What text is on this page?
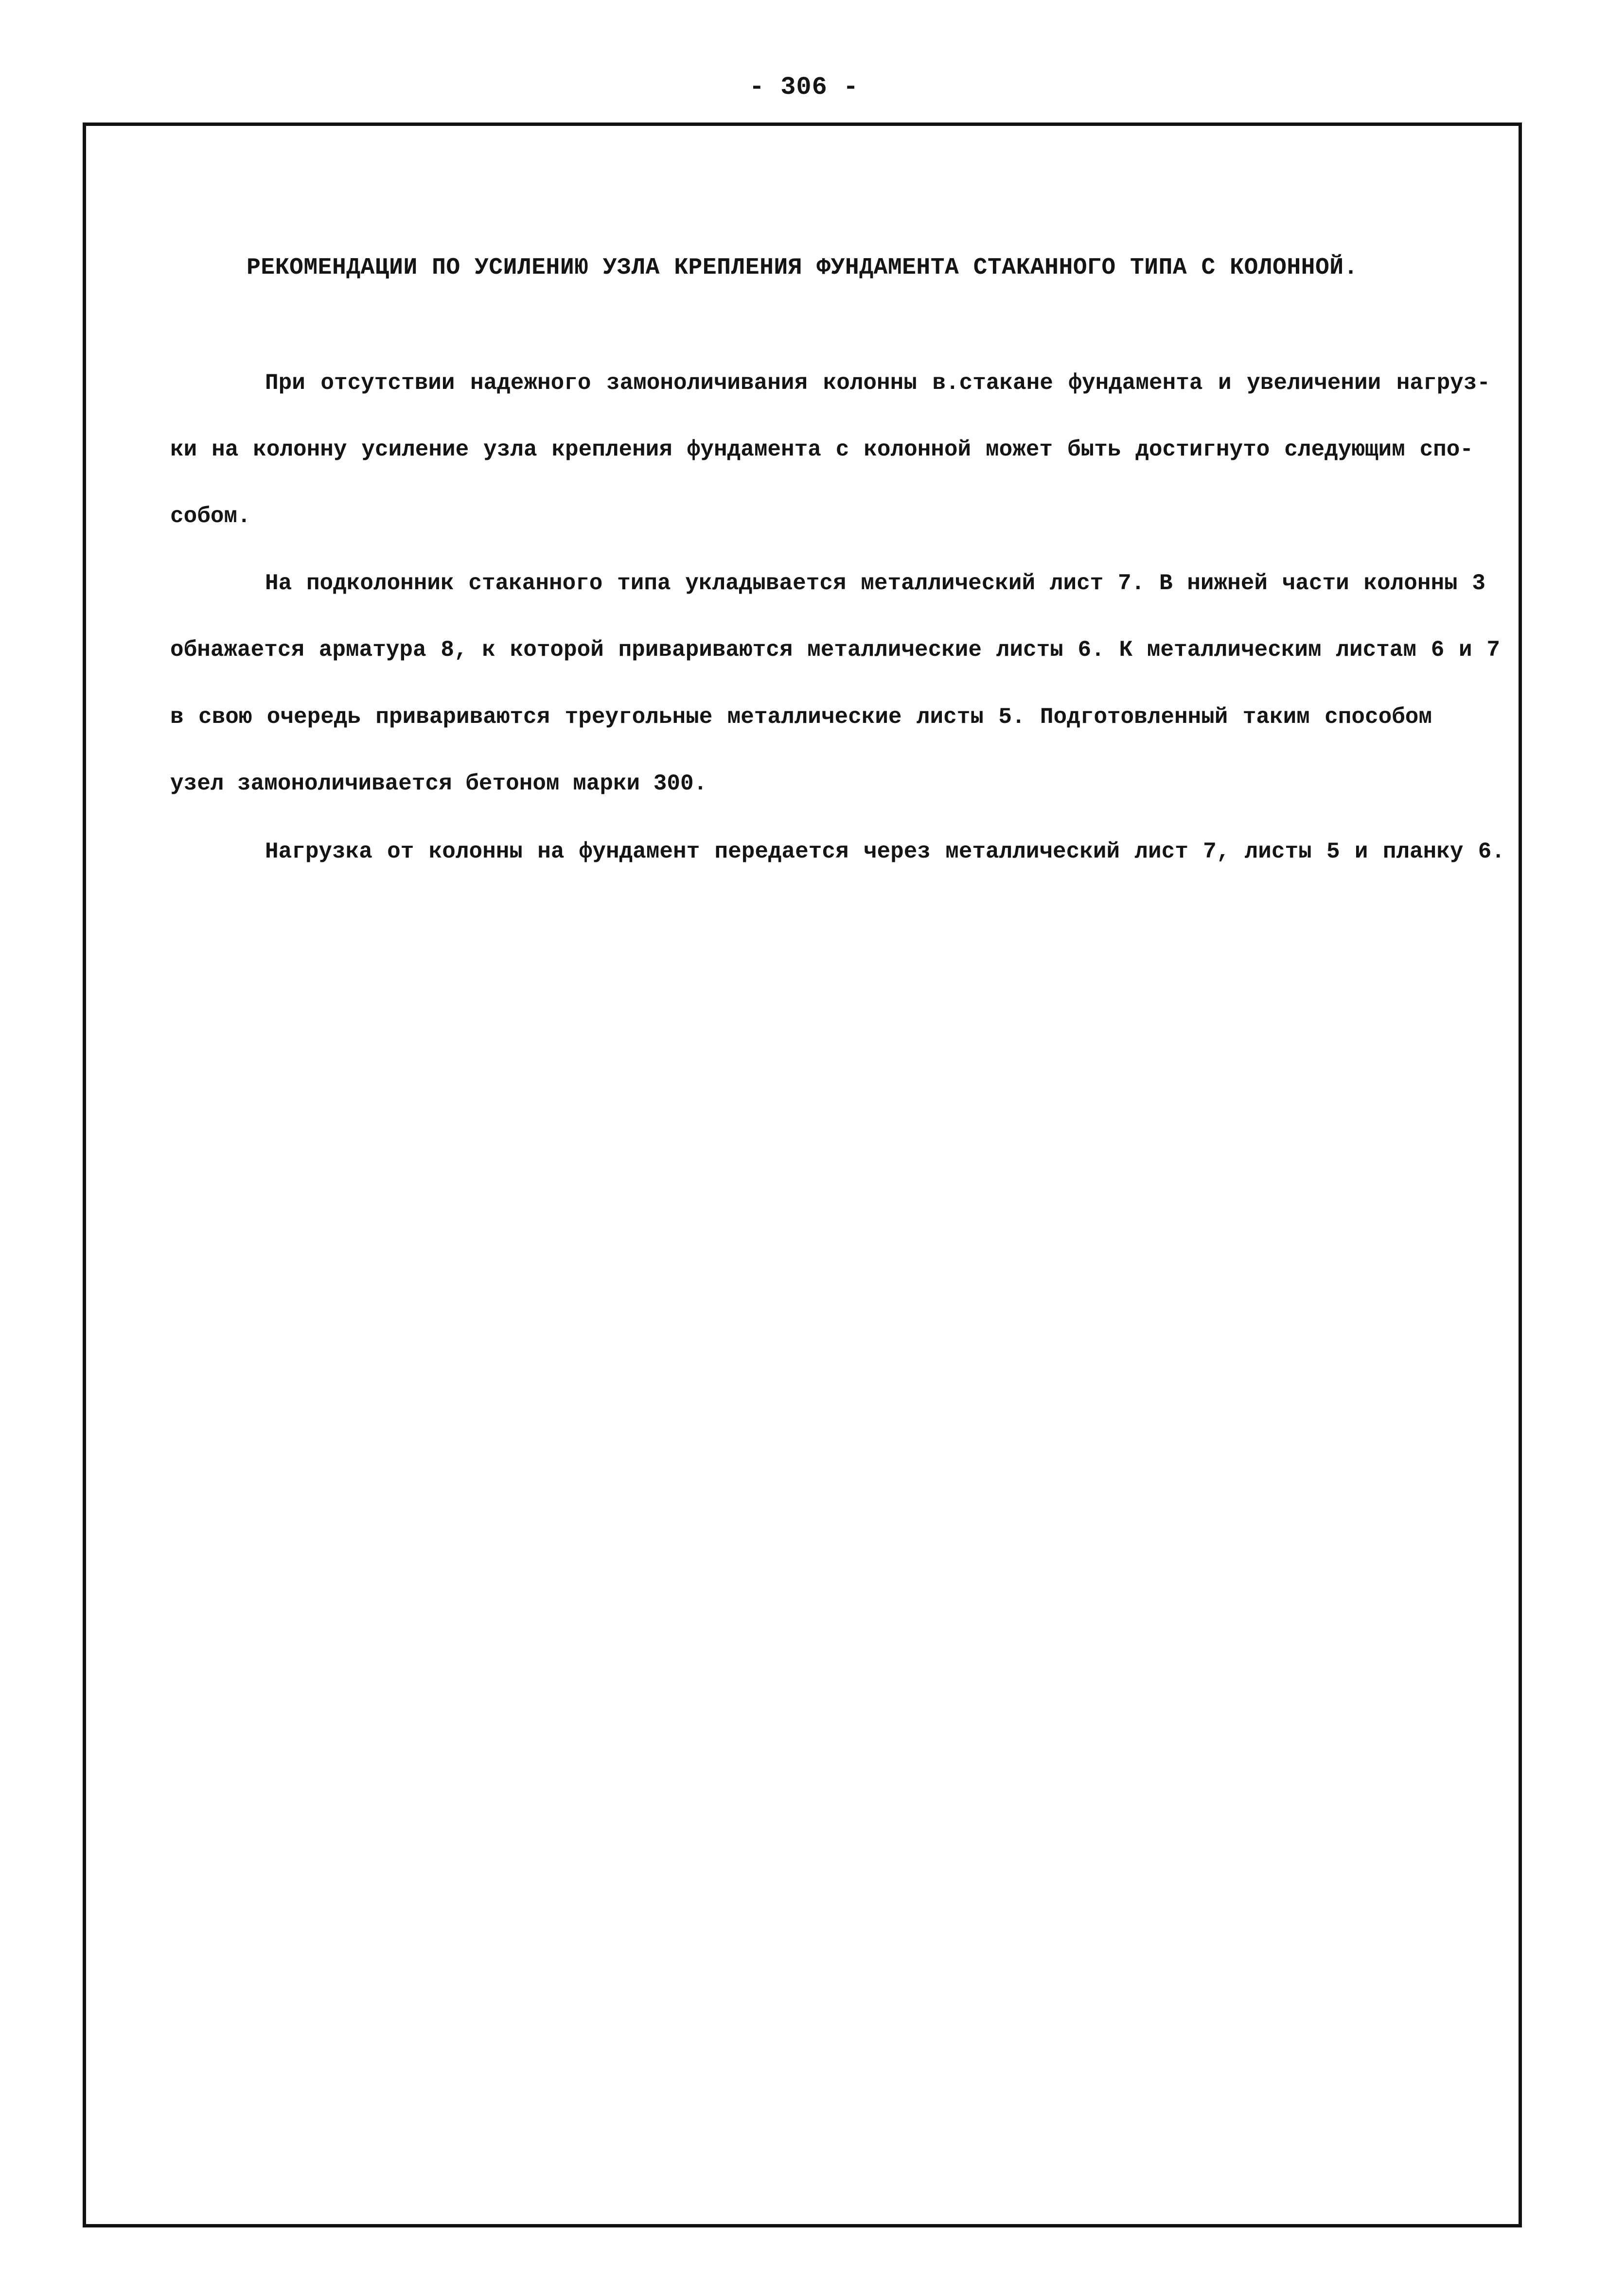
- 306 -
РЕКОМЕНДАЦИИ ПО УСИЛЕНИЮ УЗЛА КРЕПЛЕНИЯ ФУНДАМЕНТА СТАКАННОГО ТИПА С КОЛОННОЙ.
При отсутствии надежного замоноличивания колонны в.стакане фундамента и увеличении нагруз-
ки на колонну усиление узла крепления фундамента с колонной может быть достигнуто следующим спо-
собом.
На подколонник стаканного типа укладывается металлический лист 7. В нижней части колонны 3
обнажается арматура 8, к которой привариваются металлические листы 6. К металлическим листам 6 и 7
в свою очередь привариваются треугольные металлические листы 5. Подготовленный таким способом
узел замоноличивается бетоном марки 300.
Нагрузка от колонны на фундамент передается через металлический лист 7, листы 5 и планку 6.
